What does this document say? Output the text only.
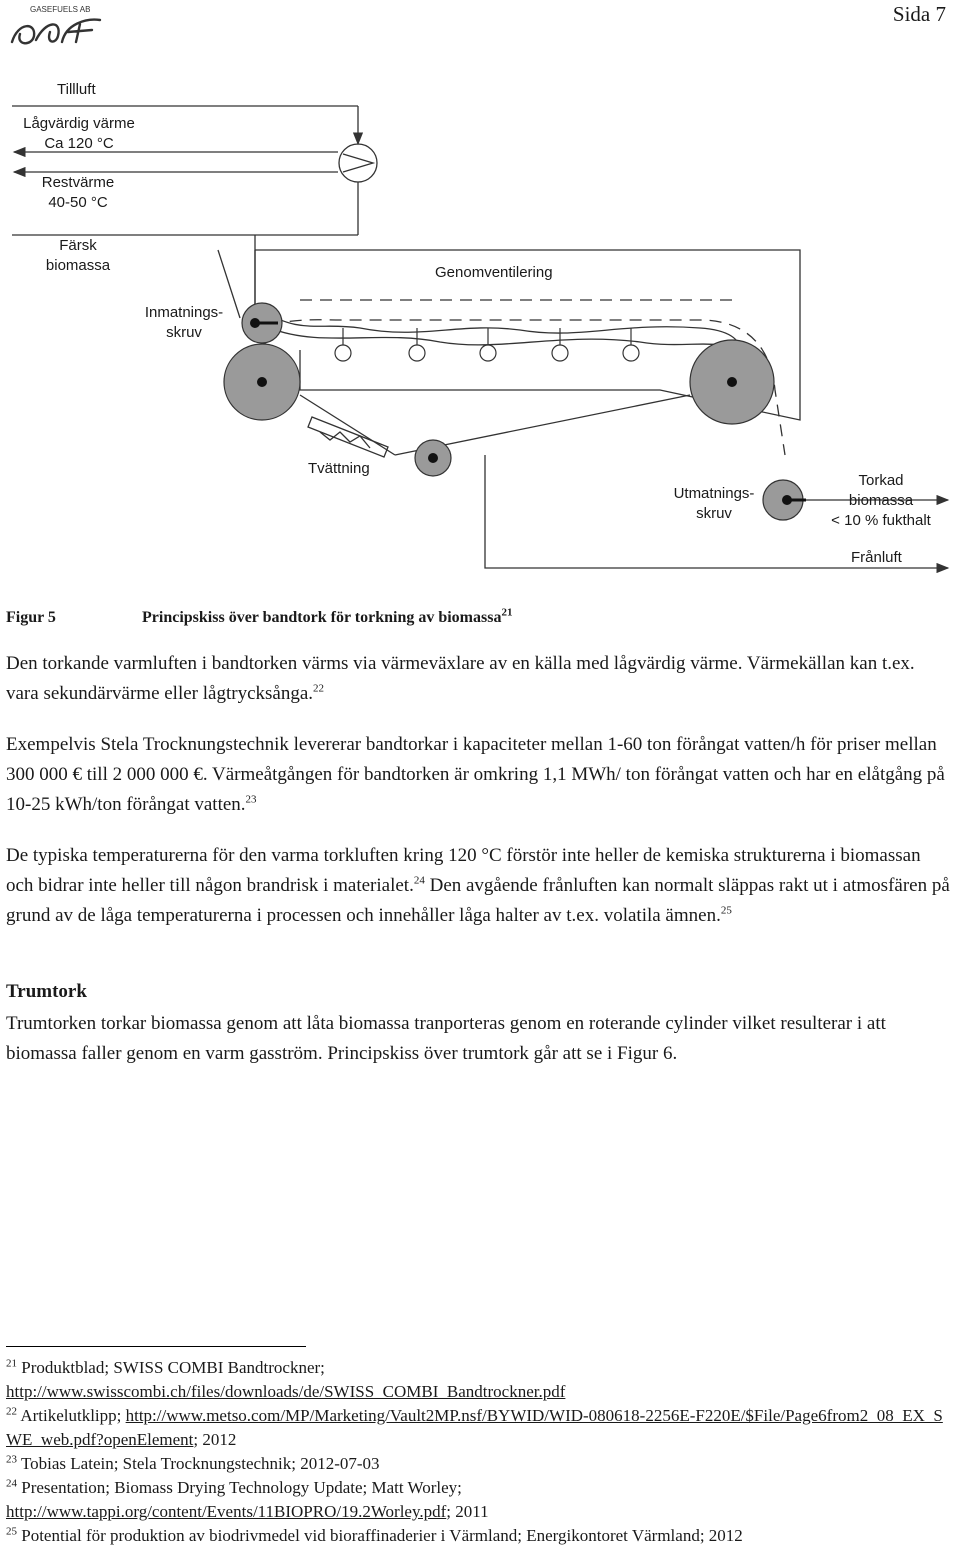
GASEFUELS AB	Sida 7
Tillluft
Lågvärdig värme
Ca 120 °C
Restvärme
40-50 °C
Färsk
biomassa	Genomventilering
Inmatnings-
skruv
Tvättning
Utmatnings-
skruv
Torkad
biomassa
< 10 % fukthalt
Frånluft
Figur 5	Principskiss över bandtork för torkning av biomassa$^{21}$
Den torkande varmluften i bandtorken värms via värmeväxlare av en källa med lågvärdig värme. Värmekällan kan t.ex. vara sekundärvärme eller lågtrycksånga.$^{22}$
Exempelvis Stela Trocknungstechnik levererar bandtorkar i kapaciteter mellan 1-60 ton förångat vatten/h för priser mellan 300 000 € till 2 000 000 €. Värmeåtgången för bandtorken är omkring 1,1 MWh/ ton förångat vatten och har en elåtgång på 10-25 kWh/ton förångat vatten.$^{23}$
De typiska temperaturerna för den varma torkluften kring 120 °C förstör inte heller de kemiska strukturerna i biomassan och bidrar inte heller till någon brandrisk i materialet.$^{24}$ Den avgående frånluften kan normalt släppas rakt ut i atmosfären på grund av de låga temperaturerna i processen och innehåller låga halter av t.ex. volatila ämnen.$^{25}$
Trumtork
Trumtorken torkar biomassa genom att låta biomassa tranporteras genom en roterande cylinder vilket resulterar i att biomassa faller genom en varm gasström. Principskiss över trumtork går att se i Figur 6.

$^{21}$ Produktblad; SWISS COMBI Bandtrockner;
http://www.swisscombi.ch/files/downloads/de/SWISS_COMBI_Bandtrockner.pdf

$^{22}$ Artikelutklipp; http://www.metso.com/MP/Marketing/Vault2MP.nsf/BYWID/WID-080618-2256E-F220E/$File/Page6from2_08_EX_SWE_web.pdf?openElement; 2012

$^{23}$ Tobias Latein; Stela Trocknungstechnik; 2012-07-03

$^{24}$ Presentation; Biomass Drying Technology Update; Matt Worley;
http://www.tappi.org/content/Events/11BIOPRO/19.2Worley.pdf; 2011

$^{25}$ Potential för produktion av biodrivmedel vid bioraffinaderier i Värmland; Energikontoret Värmland; 2012
